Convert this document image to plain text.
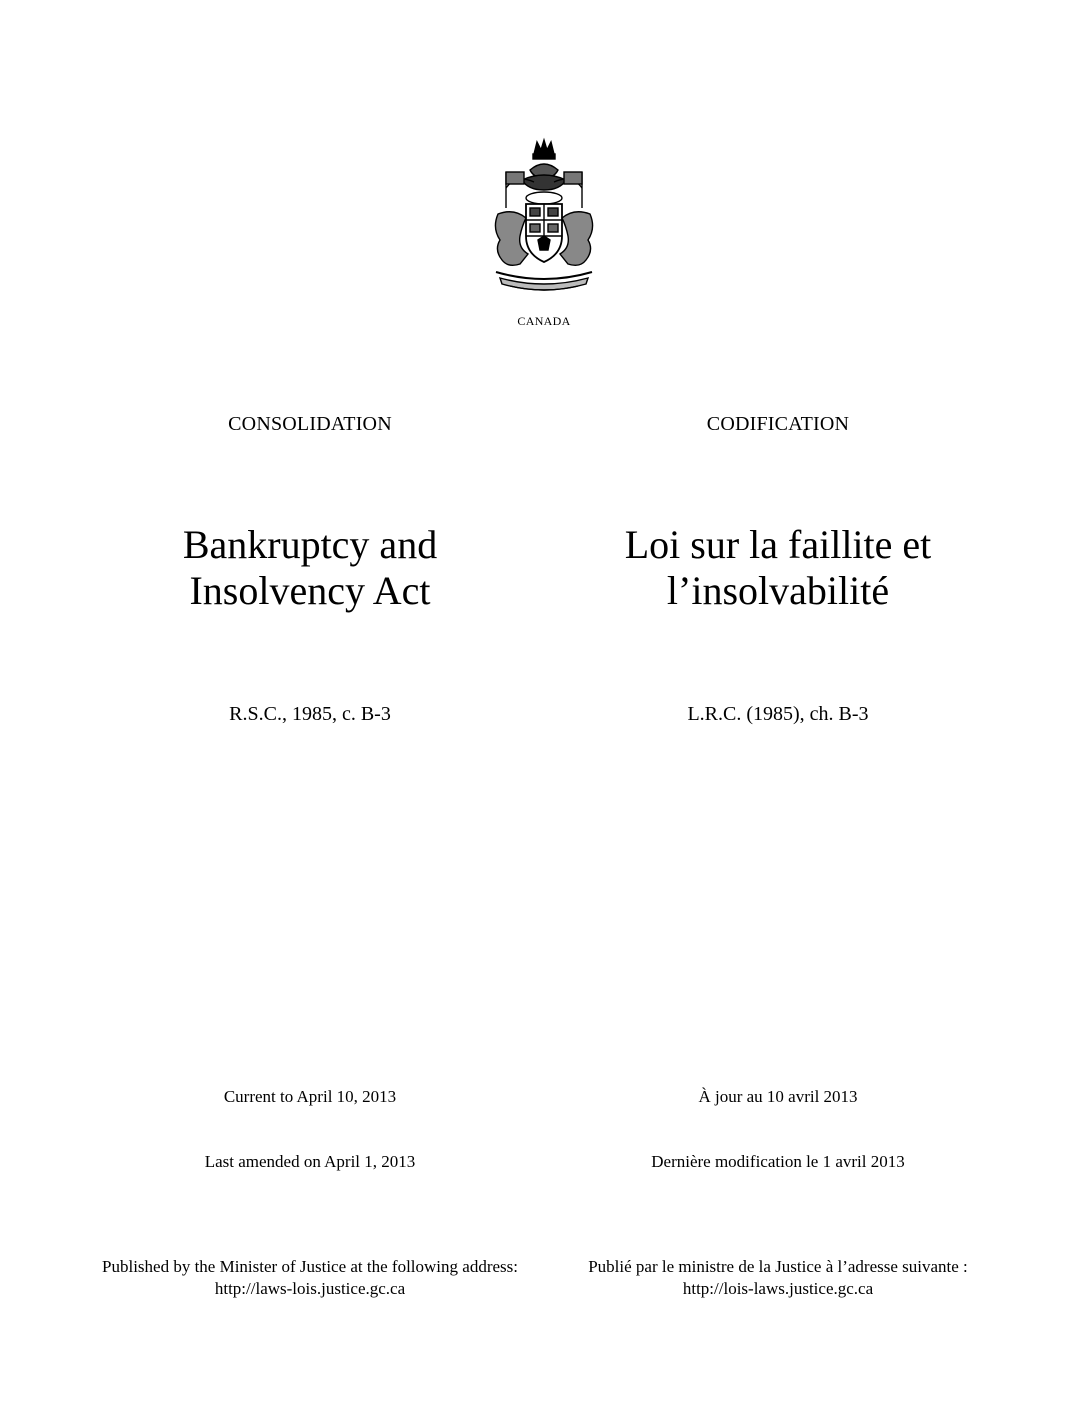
CANADA
CONSOLIDATION
Bankruptcy and
Insolvency Act
R.S.C., 1985, c. B-3
Current to April 10, 2013
Last amended on April 1, 2013
Published by the Minister of Justice at the following address:
http://laws-lois.justice.gc.ca
CODIFICATION
Loi sur la faillite et
l’insolvabilité
L.R.C. (1985), ch. B-3
À jour au 10 avril 2013
Dernière modification le 1 avril 2013
Publié par le ministre de la Justice à l’adresse suivante :
http://lois-laws.justice.gc.ca
